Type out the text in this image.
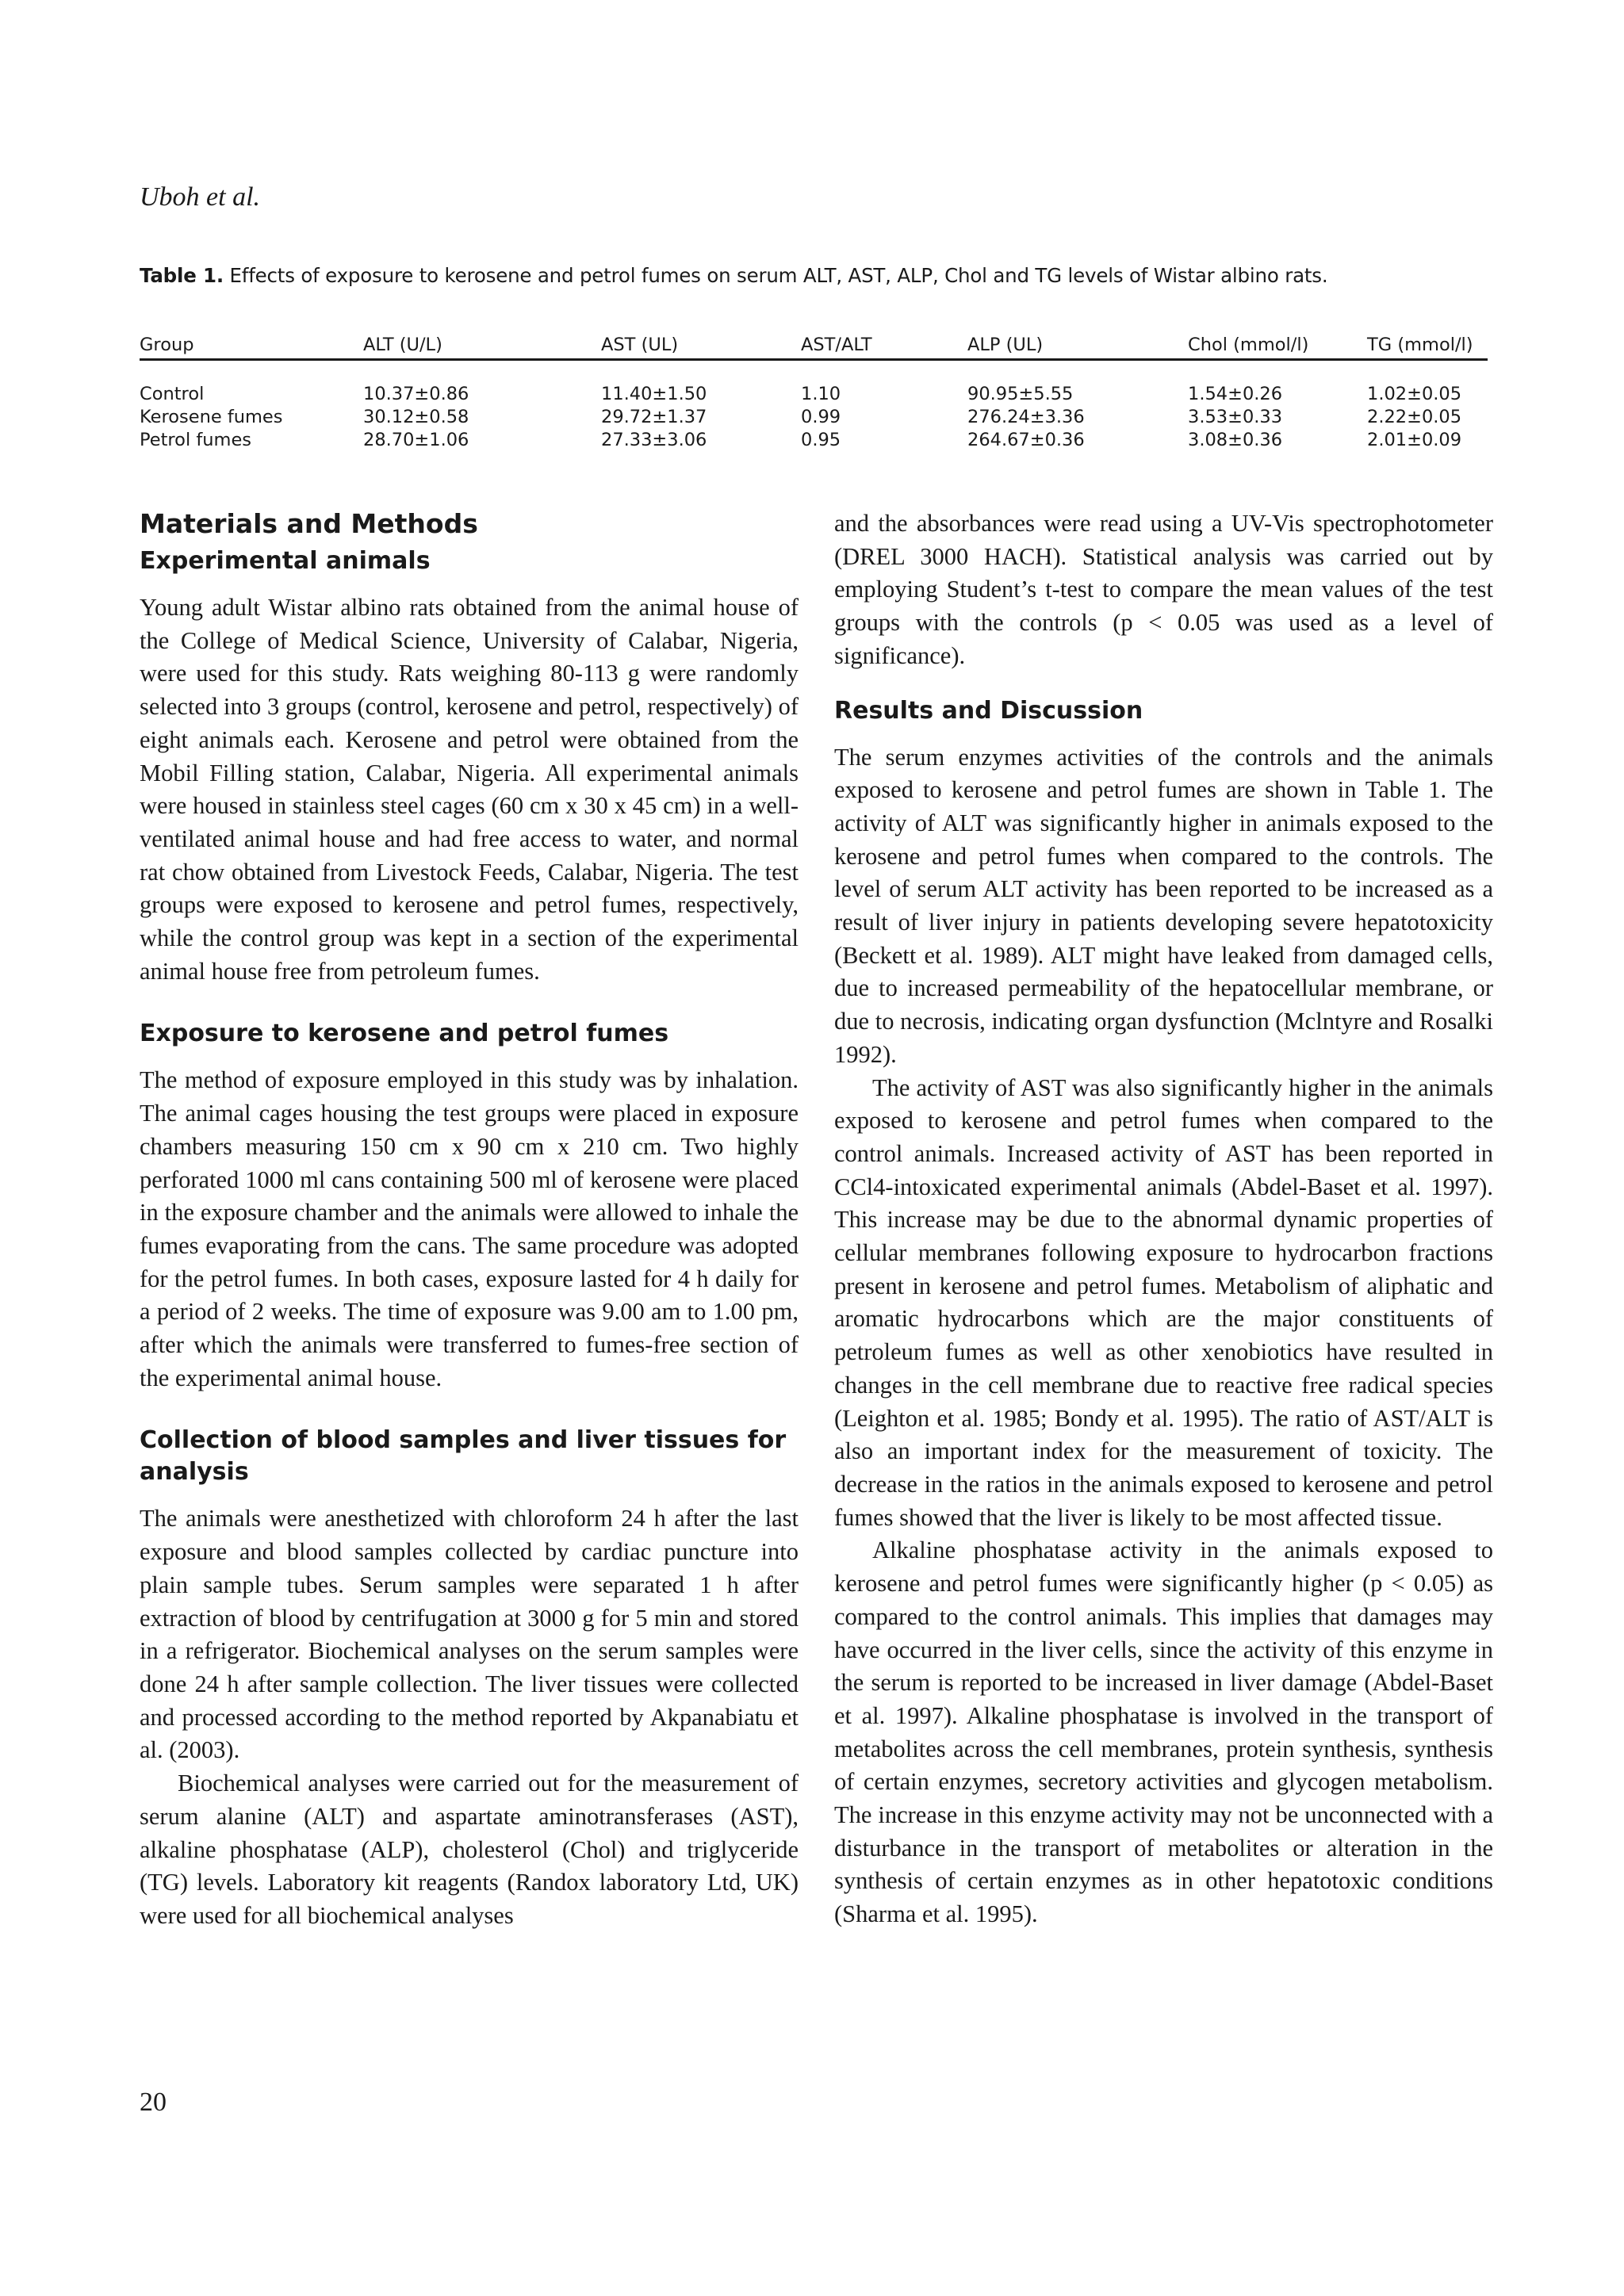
Uboh et al.
Table 1. Effects of exposure to kerosene and petrol fumes on serum ALT, AST, ALP, Chol and TG levels of Wistar albino rats.
Group	ALT (U/L)	AST (UL)	AST/ALT	ALP (UL)	Chol (mmol/l)	TG (mmol/l)
Control	10.37±0.86	11.40±1.50	1.10	90.95±5.55	1.54±0.26	1.02±0.05
Kerosene fumes	30.12±0.58	29.72±1.37	0.99	276.24±3.36	3.53±0.33	2.22±0.05
Petrol fumes	28.70±1.06	27.33±3.06	0.95	264.67±0.36	3.08±0.36	2.01±0.09
Materials and Methods
Experimental animals

Young adult Wistar albino rats obtained from the animal house of the College of Medical Science, University of Calabar, Nigeria, were used for this study. Rats weighing 80-113 g were randomly selected into 3 groups (control, kerosene and petrol, respectively) of eight animals each. Kerosene and petrol were obtained from the Mobil Filling station, Calabar, Nigeria. All experimental animals were housed in stainless steel cages (60 cm x 30 x 45 cm) in a well-ventilated animal house and had free access to water, and normal rat chow obtained from Livestock Feeds, Calabar, Nigeria. The test groups were exposed to kerosene and petrol fumes, respectively, while the control group was kept in a section of the experimental animal house free from petroleum fumes.

Exposure to kerosene and petrol fumes

The method of exposure employed in this study was by inhalation. The animal cages housing the test groups were placed in exposure chambers measuring 150 cm x 90 cm x 210 cm. Two highly perforated 1000 ml cans containing 500 ml of kerosene were placed in the exposure chamber and the animals were allowed to inhale the fumes evaporating from the cans. The same procedure was adopted for the petrol fumes. In both cases, exposure lasted for 4 h daily for a period of 2 weeks. The time of exposure was 9.00 am to 1.00 pm, after which the animals were transferred to fumes-free section of the experimental animal house.

Collection of blood samples and liver tissues for analysis

The animals were anesthetized with chloroform 24 h after the last exposure and blood samples collected by cardiac puncture into plain sample tubes. Serum samples were separated 1 h after extraction of blood by centrifugation at 3000 g for 5 min and stored in a refrigerator. Biochemical analyses on the serum samples were done 24 h after sample collection. The liver tissues were collected and processed according to the method reported by Akpanabiatu et al. (2003).

Biochemical analyses were carried out for the measurement of serum alanine (ALT) and aspartate aminotransferases (AST), alkaline phosphatase (ALP), cholesterol (Chol) and triglyceride (TG) levels. Laboratory kit reagents (Randox laboratory Ltd, UK) were used for all biochemical analyses

and the absorbances were read using a UV-Vis spectrophotometer (DREL 3000 HACH). Statistical analysis was carried out by employing Student’s t-test to compare the mean values of the test groups with the controls (p < 0.05 was used as a level of significance).

Results and Discussion

The serum enzymes activities of the controls and the animals exposed to kerosene and petrol fumes are shown in Table 1. The activity of ALT was significantly higher in animals exposed to the kerosene and petrol fumes when compared to the controls. The level of serum ALT activity has been reported to be increased as a result of liver injury in patients developing severe hepatotoxicity (Beckett et al. 1989). ALT might have leaked from damaged cells, due to increased permeability of the hepatocellular membrane, or due to necrosis, indicating organ dysfunction (Mclntyre and Rosalki 1992).

The activity of AST was also significantly higher in the animals exposed to kerosene and petrol fumes when compared to the control animals. Increased activity of AST has been reported in CCl4-intoxicated experimental animals (Abdel-Baset et al. 1997). This increase may be due to the abnormal dynamic properties of cellular membranes following exposure to hydrocarbon fractions present in kerosene and petrol fumes. Metabolism of aliphatic and aromatic hydrocarbons which are the major constituents of petroleum fumes as well as other xenobiotics have resulted in changes in the cell membrane due to reactive free radical species (Leighton et al. 1985; Bondy et al. 1995). The ratio of AST/ALT is also an important index for the measurement of toxicity. The decrease in the ratios in the animals exposed to kerosene and petrol fumes showed that the liver is likely to be most affected tissue.

Alkaline phosphatase activity in the animals exposed to kerosene and petrol fumes were significantly higher (p < 0.05) as compared to the control animals. This implies that damages may have occurred in the liver cells, since the activity of this enzyme in the serum is reported to be increased in liver damage (Abdel-Baset et al. 1997). Alkaline phosphatase is involved in the transport of metabolites across the cell membranes, protein synthesis, synthesis of certain enzymes, secretory activities and glycogen metabolism. The increase in this enzyme activity may not be unconnected with a disturbance in the transport of metabolites or alteration in the synthesis of certain enzymes as in other hepatotoxic conditions (Sharma et al. 1995).

20
